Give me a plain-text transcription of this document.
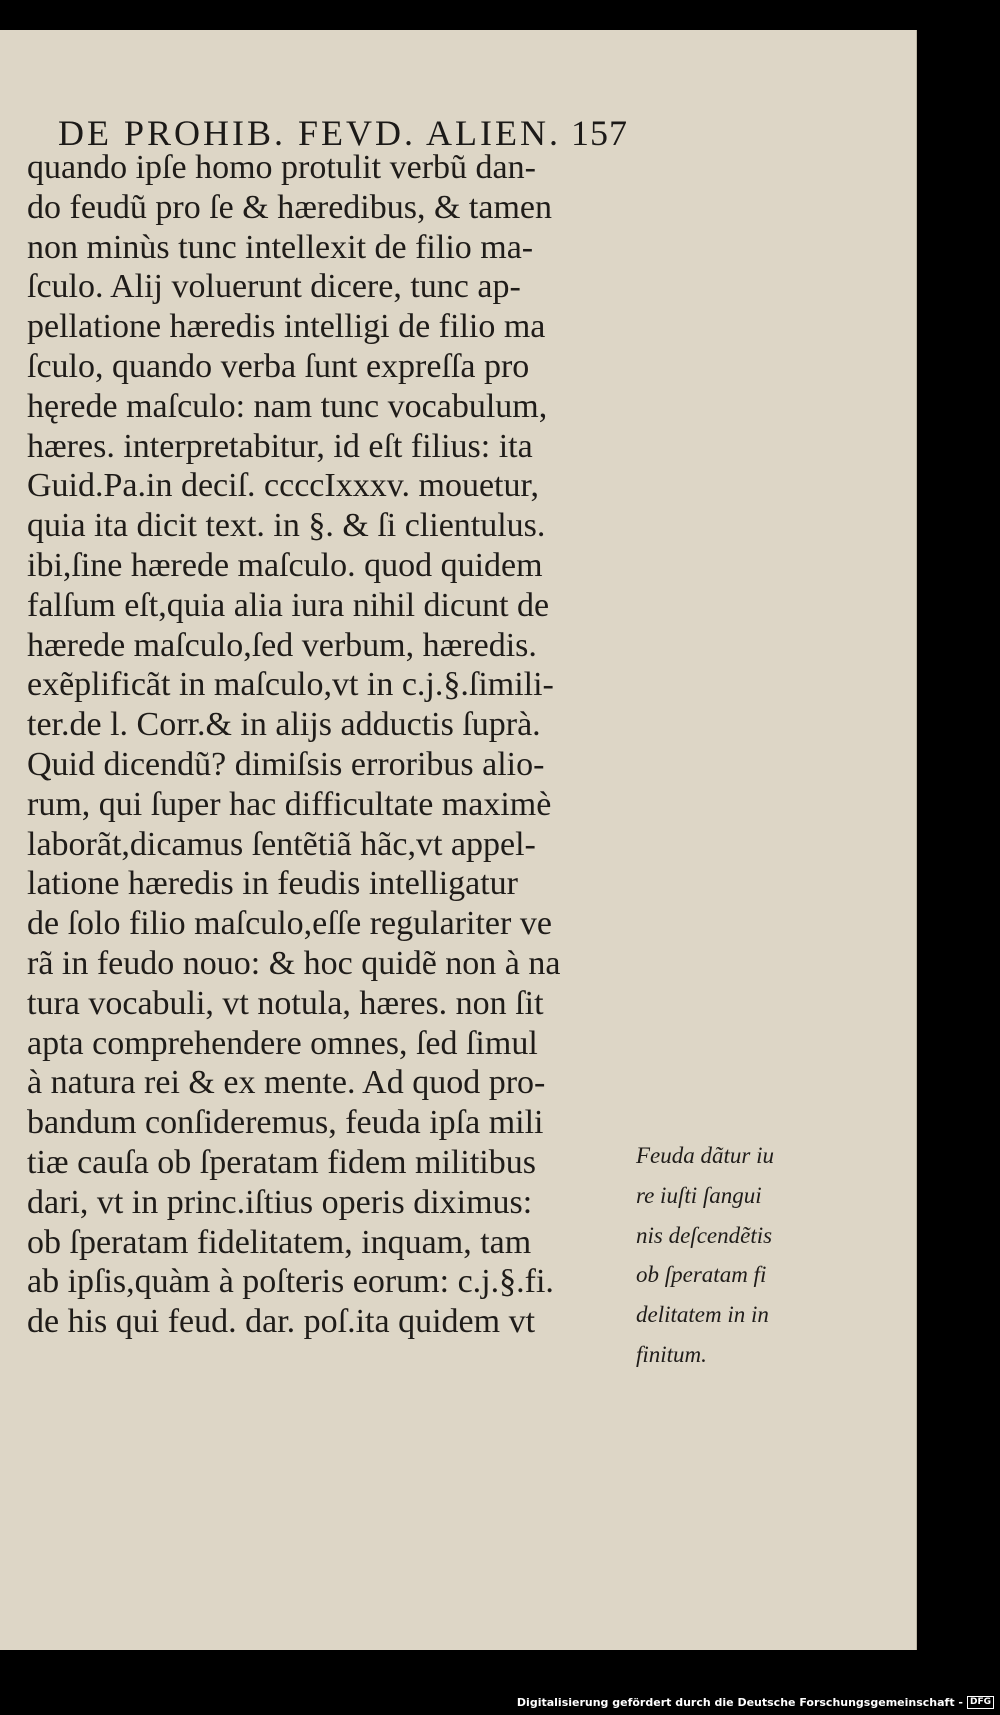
DE PROHIB. FEVD. ALIEN. 157
quando ipſe homo protulit verbũ dan-
do feudũ pro ſe & hæredibus, & tamen
non minùs tunc intellexit de filio ma-
ſculo. Alij voluerunt dicere, tunc ap-
pellatione hæredis intelligi de filio ma
ſculo, quando verba ſunt expreſſa pro
hęrede maſculo: nam tunc vocabulum,
hæres. interpretabitur, id eſt filius: ita
Guid.Pa.in deciſ. ccccIxxxv. mouetur,
quia ita dicit text. in §. & ſi clientulus.
ibi,ſine hærede maſculo. quod quidem
falſum eſt,quia alia iura nihil dicunt de
hærede maſculo,ſed verbum, hæredis.
exẽplificãt in maſculo,vt in c.j.§.ſimili-
ter.de l. Corr.& in alijs adductis ſuprà.
Quid dicendũ? dimiſsis erroribus alio-
rum, qui ſuper hac difficultate maximè
laborãt,dicamus ſentẽtiã hãc,vt appel-
latione hæredis in feudis intelligatur
de ſolo filio maſculo,eſſe regulariter ve
rã in feudo nouo: & hoc quidẽ non à na
tura vocabuli, vt notula, hæres. non ſit
apta comprehendere omnes, ſed ſimul
à natura rei & ex mente. Ad quod pro-
bandum conſideremus, feuda ipſa mili
tiæ cauſa ob ſperatam fidem militibus
dari, vt in princ.iſtius operis diximus:
ob ſperatam fidelitatem, inquam, tam
ab ipſis,quàm à poſteris eorum: c.j.§.fi.
de his qui feud. dar. poſ.ita quidem vt
Feuda dãtur iu
re iuſti ſangui
nis deſcendẽtis
ob ſperatam fi
delitatem in in
finitum.
Digitalisierung gefördert durch die Deutsche Forschungsgemeinschaft - DFG
